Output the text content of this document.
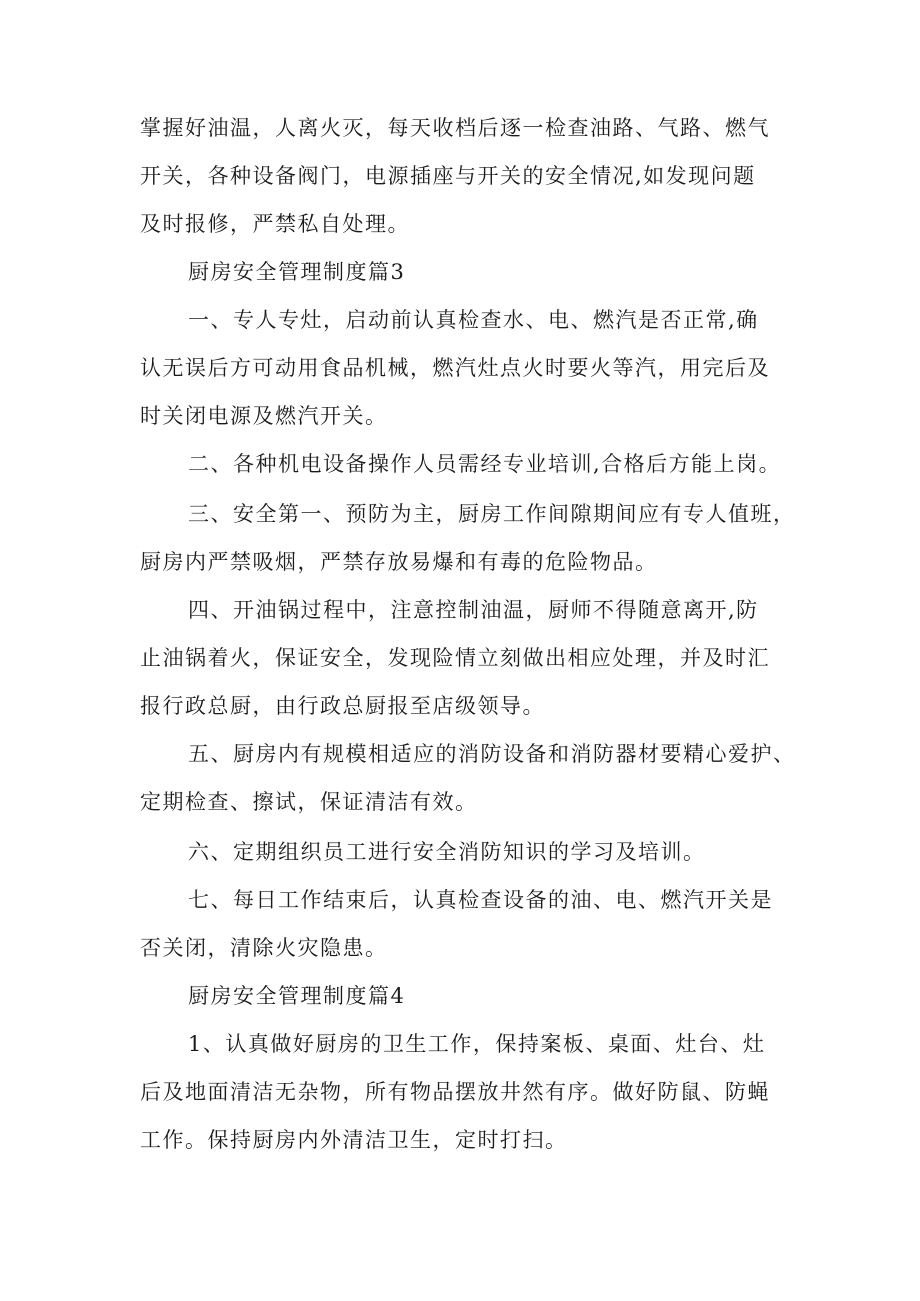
掌握好油温，人离火灭，每天收档后逐一检查油路、气路、燃气
开关，各种设备阀门，电源插座与开关的安全情况,如发现问题
及时报修，严禁私自处理。
厨房安全管理制度篇3
一、专人专灶，启动前认真检查水、电、燃汽是否正常,确
认无误后方可动用食品机械，燃汽灶点火时要火等汽，用完后及
时关闭电源及燃汽开关。
二、各种机电设备操作人员需经专业培训,合格后方能上岗。
三、安全第一、预防为主，厨房工作间隙期间应有专人值班，
厨房内严禁吸烟，严禁存放易爆和有毒的危险物品。
四、开油锅过程中，注意控制油温，厨师不得随意离开,防
止油锅着火，保证安全，发现险情立刻做出相应处理，并及时汇
报行政总厨，由行政总厨报至店级领导。
五、厨房内有规模相适应的消防设备和消防器材要精心爱护、
定期检查、擦试，保证清洁有效。
六、定期组织员工进行安全消防知识的学习及培训。
七、每日工作结束后，认真检查设备的油、电、燃汽开关是
否关闭，清除火灾隐患。
厨房安全管理制度篇4
1、认真做好厨房的卫生工作，保持案板、桌面、灶台、灶
后及地面清洁无杂物，所有物品摆放井然有序。做好防鼠、防蝇
工作。保持厨房内外清洁卫生，定时打扫。
